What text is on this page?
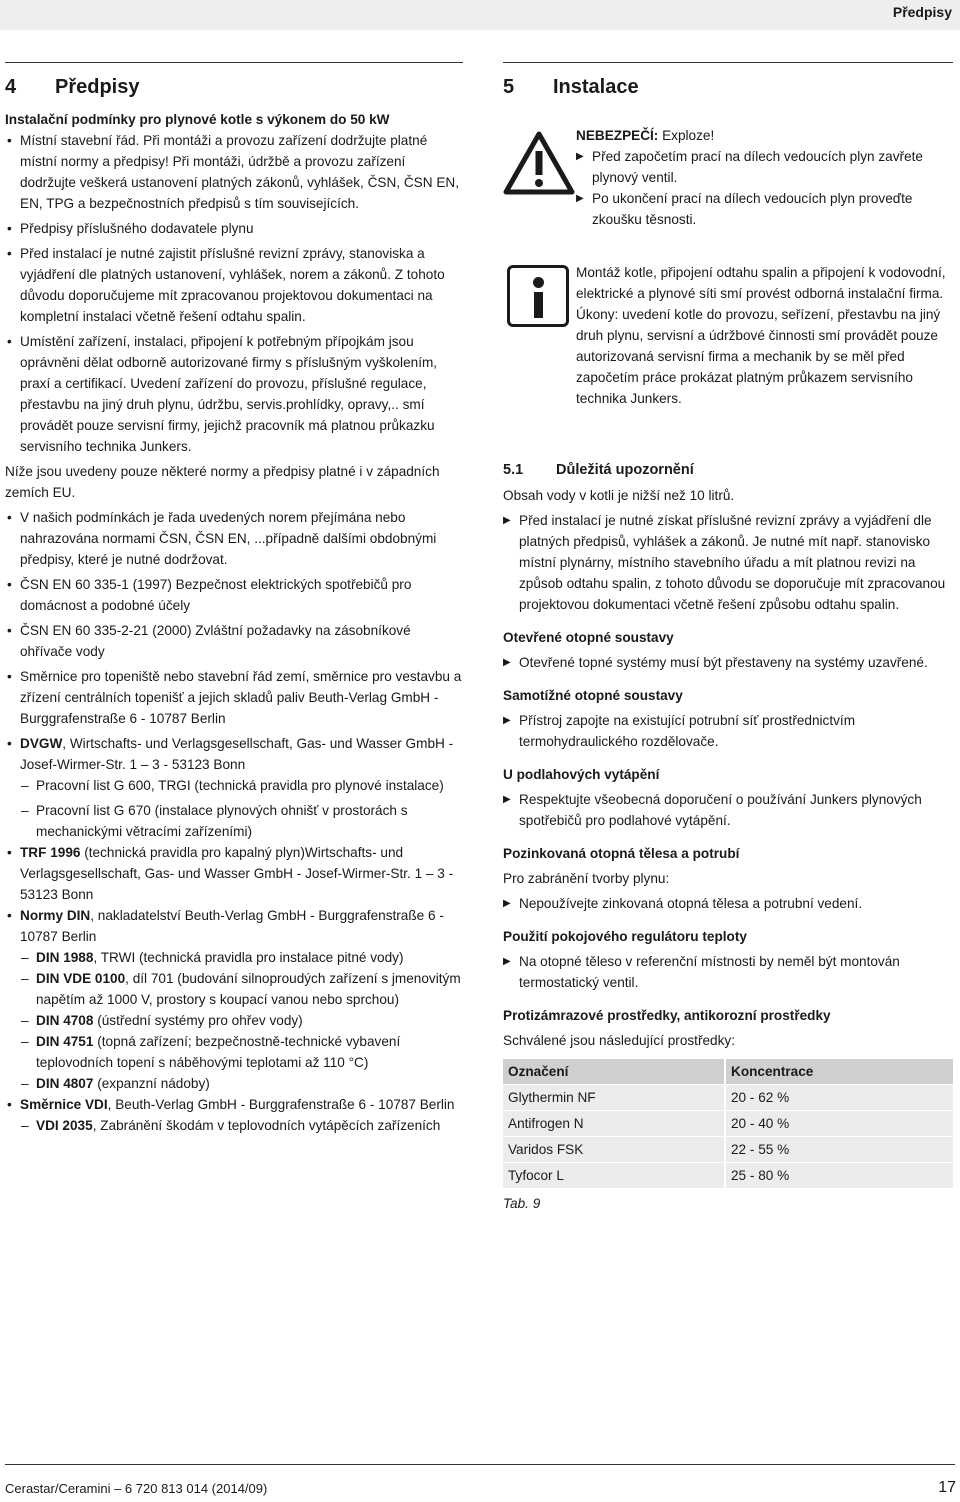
Předpisy
4 Předpisy
Instalační podmínky pro plynové kotle s výkonem do 50 kW
• Místní stavební řád. Při montáži a provozu zařízení dodržujte platné místní normy a předpisy! Při montáži, údržbě a provozu zařízení dodržujte veškerá ustanovení platných zákonů, vyhlášek, ČSN, ČSN EN, EN, TPG a bezpečnostních předpisů s tím souvisejících.
• Předpisy příslušného dodavatele plynu
• Před instalací je nutné zajistit příslušné revizní zprávy, stanoviska a vyjádření dle platných ustanovení, vyhlášek, norem a zákonů. Z tohoto důvodu doporučujeme mít zpracovanou projektovou dokumentaci na kompletní instalaci včetně řešení odtahu spalin.
• Umístění zařízení, instalaci, připojení k potřebným přípojkám jsou oprávněni dělat odborně autorizované firmy s příslušným vyškolením, praxí a certifikací. Uvedení zařízení do provozu, příslušné regulace, přestavbu na jiný druh plynu, údržbu, servis.prohlídky, opravy,.. smí provádět pouze servisní firmy, jejichž pracovník má platnou průkazku servisního technika Junkers.

Níže jsou uvedeny pouze některé normy a předpisy platné i v západních zemích EU.

• V našich podmínkách je řada uvedených norem přejímána nebo nahrazována normami ČSN, ČSN EN, ...případně dalšími obdobnými předpisy, které je nutné dodržovat.
• ČSN EN 60 335-1 (1997) Bezpečnost elektrických spotřebičů pro domácnost a podobné účely
• ČSN EN 60 335-2-21 (2000) Zvláštní požadavky na zásobníkové ohřívače vody
• Směrnice pro topeniště nebo stavební řád zemí, směrnice pro vestavbu a zřízení centrálních topenišť a jejich skladů paliv Beuth-Verlag GmbH - Burggrafenstraße 6 - 10787 Berlin
• DVGW, Wirtschafts- und Verlagsgesellschaft, Gas- und Wasser GmbH - Josef-Wirmer-Str. 1 – 3 - 53123 Bonn
– Pracovní list G 600, TRGI (technická pravidla pro plynové instalace)
– Pracovní list G 670 (instalace plynových ohnišť v prostorách s mechanickými větracími zařízeními)
• TRF 1996 (technická pravidla pro kapalný plyn)Wirtschafts- und Verlagsgesellschaft, Gas- und Wasser GmbH - Josef-Wirmer-Str. 1 – 3 - 53123 Bonn
• Normy DIN, nakladatelství Beuth-Verlag GmbH - Burggrafenstraße 6 - 10787 Berlin
– DIN 1988, TRWI (technická pravidla pro instalace pitné vody)
– DIN VDE 0100, díl 701 (budování silnoproudých zařízení s jmenovitým napětím až 1000 V, prostory s koupací vanou nebo sprchou)
– DIN 4708 (ústřední systémy pro ohřev vody)
– DIN 4751 (topná zařízení; bezpečnostně-technické vybavení teplovodních topení s náběhovými teplotami až 110 °C)
– DIN 4807 (expanzní nádoby)
• Směrnice VDI, Beuth-Verlag GmbH - Burggrafenstraße 6 - 10787 Berlin
– VDI 2035, Zabránění škodám v teplovodních vytápěcích zařízeních
5 Instalace
NEBEZPEČÍ: Exploze!
▶ Před započetím prací na dílech vedoucích plyn zavřete plynový ventil.
▶ Po ukončení prací na dílech vedoucích plyn proveďte zkoušku těsnosti.
Montáž kotle, připojení odtahu spalin a připojení k vodovodní, elektrické a plynové síti smí provést odborná instalační firma. Úkony: uvedení kotle do provozu, seřízení, přestavbu na jiný druh plynu, servisní a údržbové činnosti smí provádět pouze autorizovaná servisní firma a mechanik by se měl před započetím práce prokázat platným průkazem servisního technika Junkers.
5.1 Důležitá upozornění

Obsah vody v kotli je nižší než 10 litrů.

▶ Před instalací je nutné získat příslušné revizní zprávy a vyjádření dle platných předpisů, vyhlášek a zákonů. Je nutné mít např. stanovisko místní plynárny, místního stavebního úřadu a mít platnou revizi na způsob odtahu spalin, z tohoto důvodu se doporučuje mít zpracovanou projektovou dokumentaci včetně řešení způsobu odtahu spalin.
Otevřené otopné soustavy
▶ Otevřené topné systémy musí být přestaveny na systémy uzavřené.
Samotížné otopné soustavy
▶ Přístroj zapojte na existující potrubní síť prostřednictvím termohydraulického rozdělovače.
U podlahových vytápění
▶ Respektujte všeobecná doporučení o používání Junkers plynových spotřebičů pro podlahové vytápění.
Pozinkovaná otopná tělesa a potrubí

Pro zabránění tvorby plynu:

▶ Nepoužívejte zinkovaná otopná tělesa a potrubní vedení.
Použití pokojového regulátoru teploty
▶ Na otopné těleso v referenční místnosti by neměl být montován termostatický ventil.
Protizámrazové prostředky, antikorozní prostředky

Schválené jsou následující prostředky:

Označení	Koncentrace
Glythermin NF	20 - 62 %
Antifrogen N	20 - 40 %
Varidos FSK	22 - 55 %
Tyfocor L	25 - 80 %
Tab. 9
Cerastar/Ceramini – 6 720 813 014 (2014/09)	17
